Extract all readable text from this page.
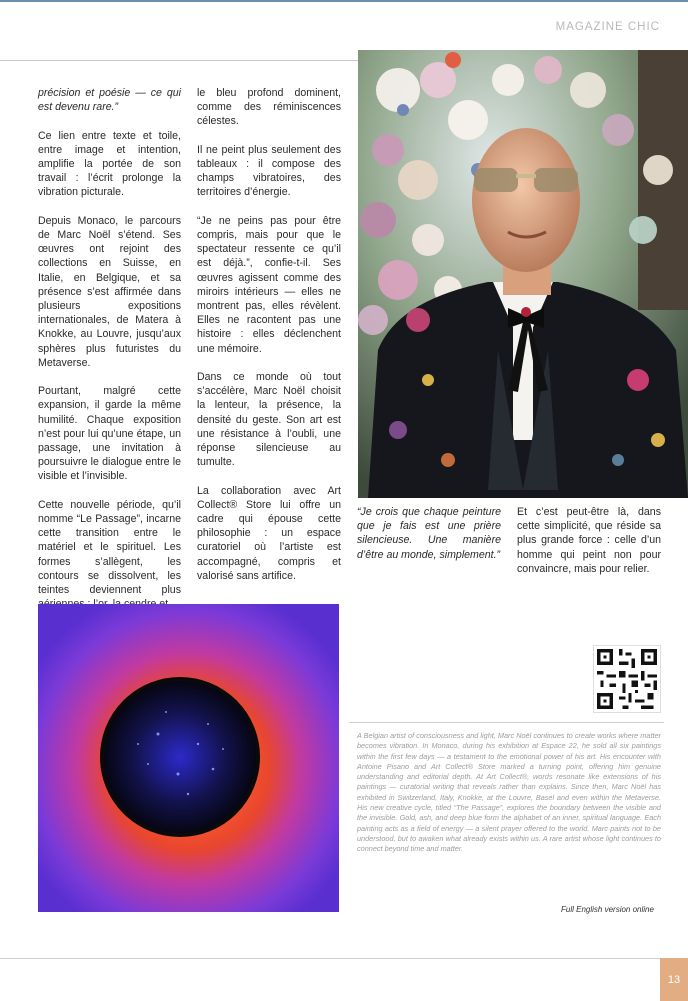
MAGAZINE CHIC

précision et poésie — ce qui est devenu rare.”

Ce lien entre texte et toile, entre image et intention, amplifie la portée de son travail : l’écrit prolonge la vibration picturale.

Depuis Monaco, le parcours de Marc Noël s’étend. Ses œuvres ont rejoint des collections en Suisse, en Italie, en Belgique, et sa présence s’est affirmée dans plusieurs expositions internationales, de Matera à Knokke, au Louvre, jusqu’aux sphères plus futuristes du Metaverse.

Pourtant, malgré cette expansion, il garde la même humilité. Chaque exposition n’est pour lui qu’une étape, un passage, une invitation à poursuivre le dialogue entre le visible et l’invisible.

Cette nouvelle période, qu’il nomme “Le Passage”, incarne cette transition entre le matériel et le spirituel. Les formes s’allègent, les contours se dissolvent, les teintes deviennent plus

le bleu profond dominent, comme des réminiscences célestes.

Il ne peint plus seulement des tableaux : il compose des champs vibratoires, des territoires d’énergie.

“Je ne peins pas pour être compris, mais pour que le spectateur ressente ce qu’il est déjà.”, confie-t-il. Ses œuvres agissent comme des miroirs intérieurs — elles ne montrent pas, elles révèlent. Elles ne racontent pas une histoire : elles déclenchent une mémoire.

Dans ce monde où tout s’accélère, Marc Noël choisit la lenteur, la présence, la densité du geste. Son art est une résistance à l’oubli, une réponse silencieuse au tumulte.

La collaboration avec Art Collect® Store lui offre un cadre qui épouse cette philosophie : un espace curatoriel où l’artiste est accompagné, compris et valorisé sans artifice.

“Je crois que chaque peinture que je fais est une prière silencieuse. Une manière d’être au monde, simplement.”

Et c’est peut-être là, dans cette simplicité, que réside sa plus grande force : celle d’un homme qui peint non pour convaincre, mais pour relier.

A Belgian artist of consciousness and light, Marc Noël continues to create works where matter becomes vibration. In Monaco, during his exhibition at Espace 22, he sold all six paintings within the first few days — a testament to the emotional power of his art. His encounter with Antoine Pisano and Art Collect® Store marked a turning point, offering him genuine understanding and editorial depth. At Art Collect®, words resonate like extensions of his paintings — curatorial writing that reveals rather than explains. Since then, Marc Noël has exhibited in Switzerland, Italy, Knokke, at the Louvre, Basel and even within the Metaverse. His new creative cycle, titled “The Passage”, explores the boundary between the visible and the invisible. Gold, ash, and deep blue form the alphabet of an inner, spiritual language. Each painting acts as a field of energy — a silent prayer offered to the world. Marc paints not to be understood, but to awaken what already exists within us. A rare artist whose light continues to connect beyond time and matter.
Full English version online
13
